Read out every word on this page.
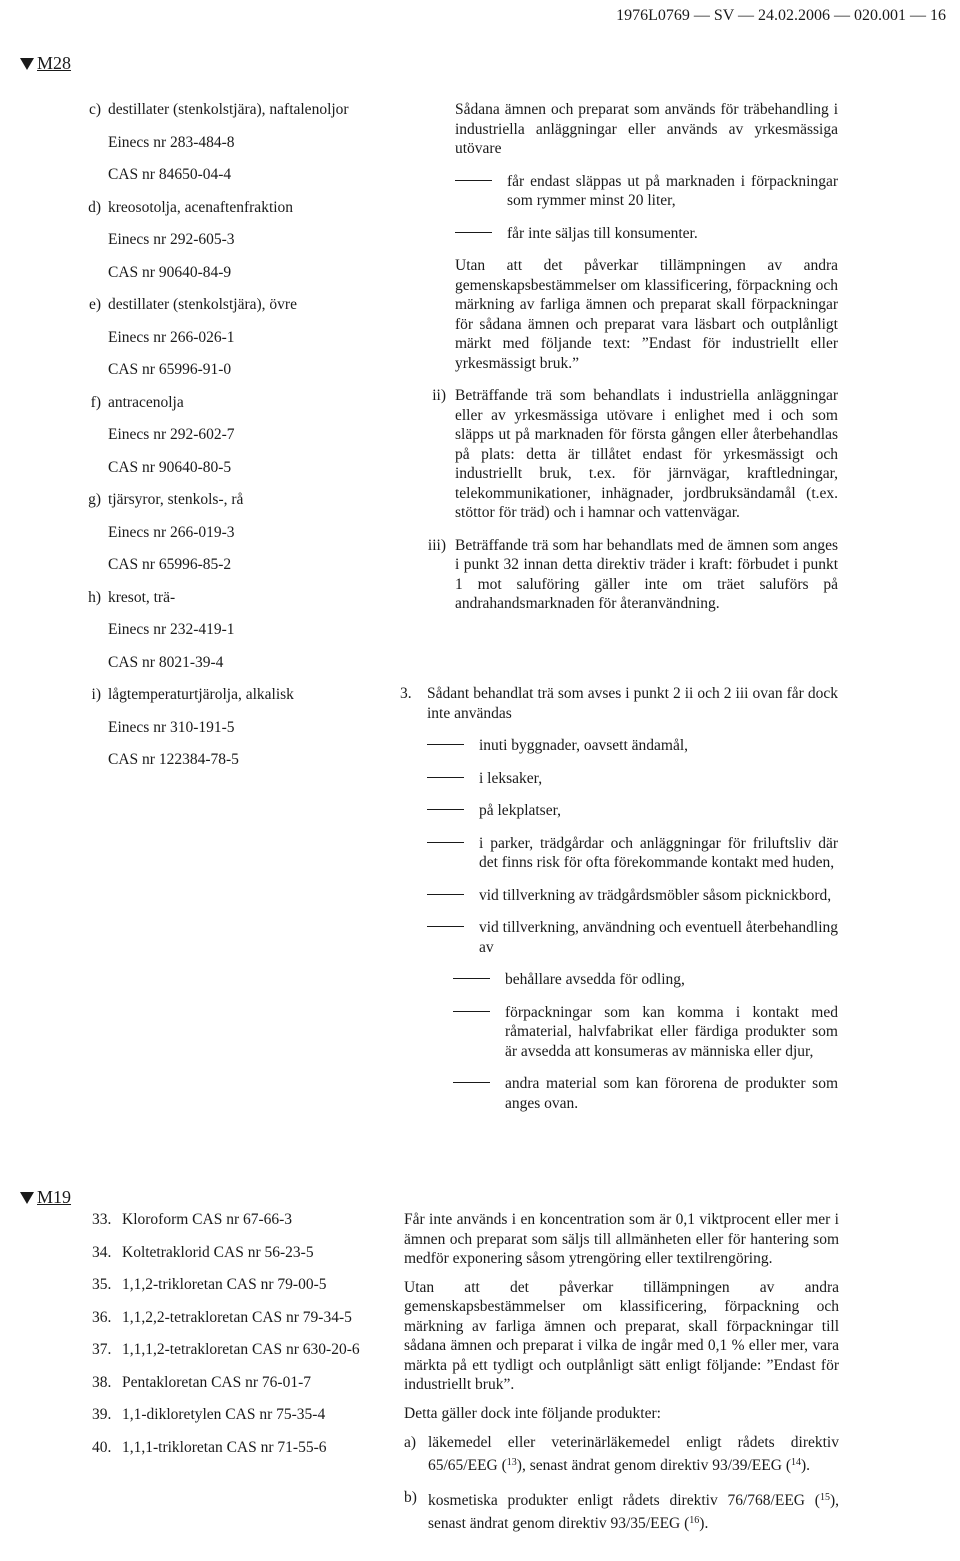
1976L0769 — SV — 24.02.2006 — 020.001 — 16
M28
c) destillater (stenkolstjära), naftalenoljor
Einecs nr 283-484-8
CAS nr 84650-04-4
d) kreosotolja, acenaftenfraktion
Einecs nr 292-605-3
CAS nr 90640-84-9
e) destillater (stenkolstjära), övre
Einecs nr 266-026-1
CAS nr 65996-91-0
f) antracenolja
Einecs nr 292-602-7
CAS nr 90640-80-5
g) tjärsyror, stenkols-, rå
Einecs nr 266-019-3
CAS nr 65996-85-2
h) kresot, trä-
Einecs nr 232-419-1
CAS nr 8021-39-4
i) lågtemperaturtjärolja, alkalisk
Einecs nr 310-191-5
CAS nr 122384-78-5

Sådana ämnen och preparat som används för träbehandling i industriella anläggningar eller används av yrkesmässiga utövare

får endast släppas ut på marknaden i förpackningar som rymmer minst 20 liter,
får inte säljas till konsumenter.

Utan att det påverkar tillämpningen av andra gemenskapsbestämmelser om klassificering, förpackning och märkning av farliga ämnen och preparat skall förpackningar för sådana ämnen och preparat vara läsbart och outplånligt märkt med följande text: ”Endast för industriellt eller yrkesmässigt bruk.”

ii) Beträffande trä som behandlats i industriella anläggningar eller av yrkesmässiga utövare i enlighet med i och som släpps ut på marknaden för första gången eller återbehandlas på plats: detta är tillåtet endast för yrkesmässigt och industriellt bruk, t.ex. för järnvägar, kraftledningar, telekommunikationer, inhägnader, jordbruksändamål (t.ex. stöttor för träd) och i hamnar och vattenvägar.
iii) Beträffande trä som har behandlats med de ämnen som anges i punkt 32 innan detta direktiv träder i kraft: förbudet i punkt 1 mot saluföring gäller inte om träet saluförs på andrahandsmarknaden för återanvändning.
3. Sådant behandlat trä som avses i punkt 2 ii och 2 iii ovan får dock inte användas
inuti byggnader, oavsett ändamål,
i leksaker,
på lekplatser,
i parker, trädgårdar och anläggningar för friluftsliv där det finns risk för ofta förekommande kontakt med huden,
vid tillverkning av trädgårdsmöbler såsom picknickbord,
vid tillverkning, användning och eventuell återbehandling av
behållare avsedda för odling,
förpackningar som kan komma i kontakt med råmaterial, halvfabrikat eller färdiga produkter som är avsedda att konsumeras av människa eller djur,
andra material som kan förorena de produkter som anges ovan.
M19
33. Kloroform CAS nr 67-66-3
34. Koltetraklorid CAS nr 56-23-5
35. 1,1,2-trikloretan CAS nr 79-00-5
36. 1,1,2,2-tetrakloretan CAS nr 79-34-5
37. 1,1,1,2-tetrakloretan CAS nr 630-20-6
38. Pentakloretan CAS nr 76-01-7
39. 1,1-dikloretylen CAS nr 75-35-4
40. 1,1,1-trikloretan CAS nr 71-55-6

Får inte används i en koncentration som är 0,1 viktprocent eller mer i ämnen och preparat som säljs till allmänheten eller för hantering som medför exponering såsom ytrengöring eller textilrengöring.

Utan att det påverkar tillämpningen av andra gemenskapsbestämmelser om klassificering, förpackning och märkning av farliga ämnen och preparat, skall förpackningar till sådana ämnen och preparat i vilka de ingår med 0,1 % eller mer, vara märkta på ett tydligt och outplånligt sätt enligt följande: ”Endast för industriellt bruk”.

Detta gäller dock inte följande produkter:

a) läkemedel eller veterinärläkemedel enligt rådets direktiv 65/65/EEG ($^{13}$), senast ändrat genom direktiv 93/39/EEG ($^{14}$).
b) kosmetiska produkter enligt rådets direktiv 76/768/EEG ($^{15}$), senast ändrat genom direktiv 93/35/EEG ($^{16}$).
